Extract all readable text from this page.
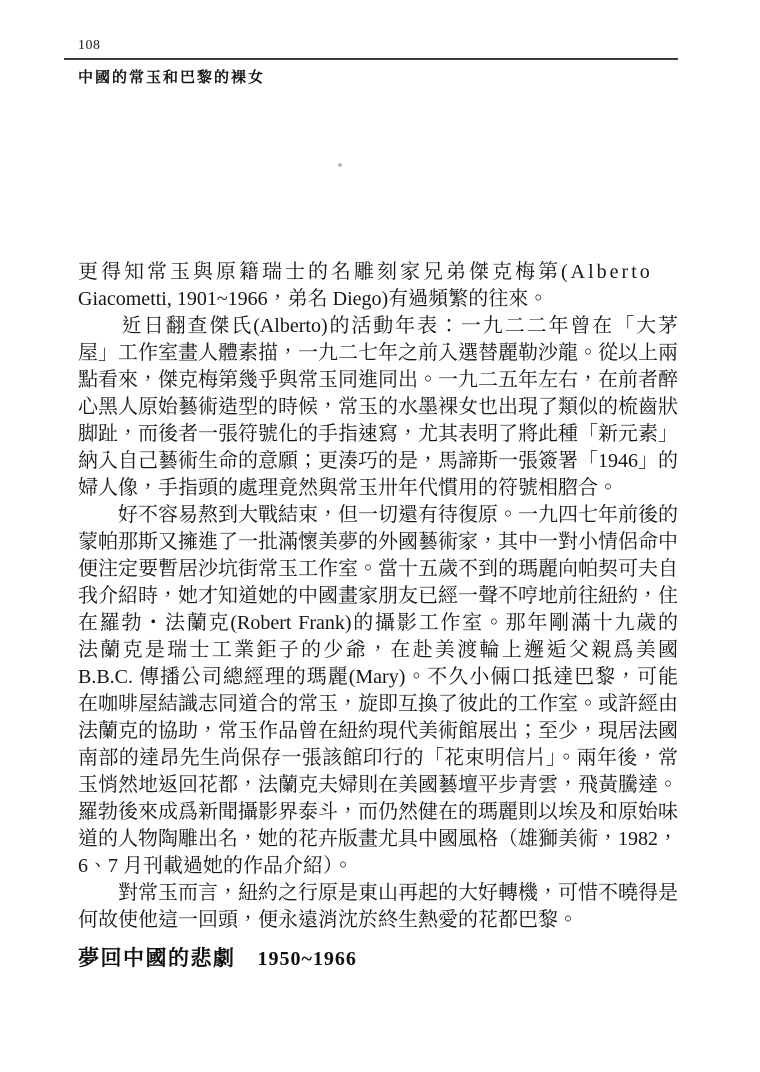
108
中國的常玉和巴黎的裸女
更得知常玉與原籍瑞士的名雕刻家兄弟傑克梅第(Alberto
Giacometti, 1901~1966，弟名 Diego)有過頻繁的往來。
　　近日翻查傑氏(Alberto)的活動年表：一九二二年曾在「大茅
屋」工作室畫人體素描，一九二七年之前入選替麗勒沙龍。從以上兩
點看來，傑克梅第幾乎與常玉同進同出。一九二五年左右，在前者醉
心黑人原始藝術造型的時候，常玉的水墨裸女也出現了類似的梳齒狀
脚趾，而後者一張符號化的手指速寫，尤其表明了將此種「新元素」
納入自己藝術生命的意願；更湊巧的是，馬諦斯一張簽署「1946」的
婦人像，手指頭的處理竟然與常玉卅年代慣用的符號相脗合。
　　好不容易熬到大戰結束，但一切還有待復原。一九四七年前後的
蒙帕那斯又擁進了一批滿懷美夢的外國藝術家，其中一對小情侶命中
便注定要暫居沙坑街常玉工作室。當十五歲不到的瑪麗向帕契可夫自
我介紹時，她才知道她的中國畫家朋友已經一聲不哼地前往紐約，住
在羅勃・法蘭克(Robert Frank)的攝影工作室。那年剛滿十九歲的
法蘭克是瑞士工業鉅子的少爺，在赴美渡輪上邂逅父親爲美國
B.B.C. 傳播公司總經理的瑪麗(Mary)。不久小倆口抵達巴黎，可能
在咖啡屋結識志同道合的常玉，旋即互換了彼此的工作室。或許經由
法蘭克的協助，常玉作品曾在紐約現代美術館展出；至少，現居法國
南部的達昂先生尚保存一張該館印行的「花束明信片」。兩年後，常
玉悄然地返回花都，法蘭克夫婦則在美國藝壇平步青雲，飛黃騰達。
羅勃後來成爲新聞攝影界泰斗，而仍然健在的瑪麗則以埃及和原始味
道的人物陶雕出名，她的花卉版畫尤具中國風格（雄獅美術，1982，
6、7 月刊載過她的作品介紹）。
　　對常玉而言，紐約之行原是東山再起的大好轉機，可惜不曉得是
何故使他這一回頭，便永遠消沈於終生熱愛的花都巴黎。
夢回中國的悲劇 1950~1966
